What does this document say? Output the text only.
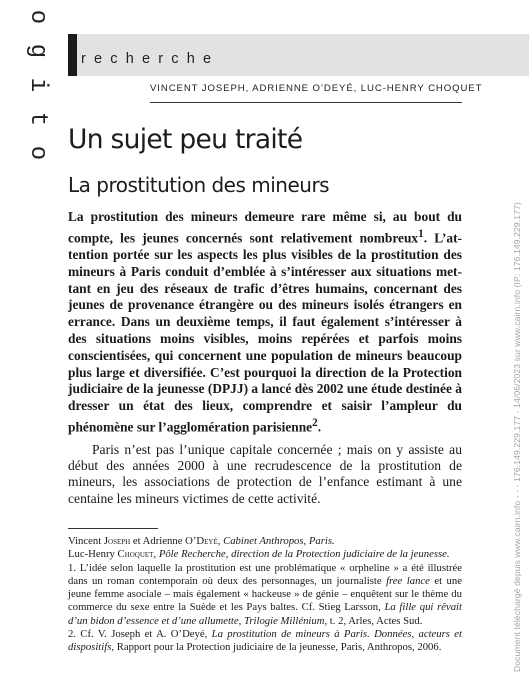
o
g
i
t
o
recherche
VINCENT JOSEPH, ADRIENNE O’DEYÉ, LUC-HENRY CHOQUET
Un sujet peu traité
La prostitution des mineurs

La prostitution des mineurs demeure rare même si, au bout du compte, les jeunes concernés sont relativement nombreux$^1$. L’attention portée sur les aspects les plus visibles de la prostitution des mineurs à Paris conduit d’emblée à s’intéresser aux situations mettant en jeu des réseaux de trafic d’êtres humains, concernant des jeunes de provenance étrangère ou des mineurs isolés étrangers en errance. Dans un deuxième temps, il faut également s’intéresser à des situations moins visibles, moins repérées et parfois moins conscientisées, qui concernent une population de mineurs beaucoup plus large et diversifiée. C’est pourquoi la direction de la Protection judiciaire de la jeunesse (DPJJ) a lancé dès 2002 une étude destinée à dresser un état des lieux, comprendre et saisir l’ampleur du phénomène sur l’agglomération parisienne$^2$.

Paris n’est pas l’unique capitale concernée ; mais on y assiste au début des années 2000 à une recrudescence de la prostitution de mineurs, les associations de protection de l’enfance estimant à une centaine les mineurs victimes de cette activité.

Vincent Joseph et Adrienne O’Deyé, Cabinet Anthropos, Paris.

Luc-Henry Choquet, Pôle Recherche, direction de la Protection judiciaire de la jeunesse.

1. L’idée selon laquelle la prostitution est une problématique « orpheline » a été illustrée dans un roman contemporain où deux des personnages, un journaliste free lance et une jeune femme asociale – mais également « hackeuse » de génie – enquêtent sur le thème du commerce du sexe entre la Suède et les Pays baltes. Cf. Stieg Larsson, La fille qui rêvait d’un bidon d’essence et d’une allumette, Trilogie Millénium, t. 2, Arles, Actes Sud.

2. Cf. V. Joseph et A. O’Deyé, La prostitution de mineurs à Paris. Données, acteurs et dispositifs, Rapport pour la Protection judiciaire de la jeunesse, Paris, Anthropos, 2006.	Document téléchargé depuis www.cairn.info - - - 176.149.229.177 - 14/06/2023 sur www.cairn.info (IP: 176.149.229.177)
